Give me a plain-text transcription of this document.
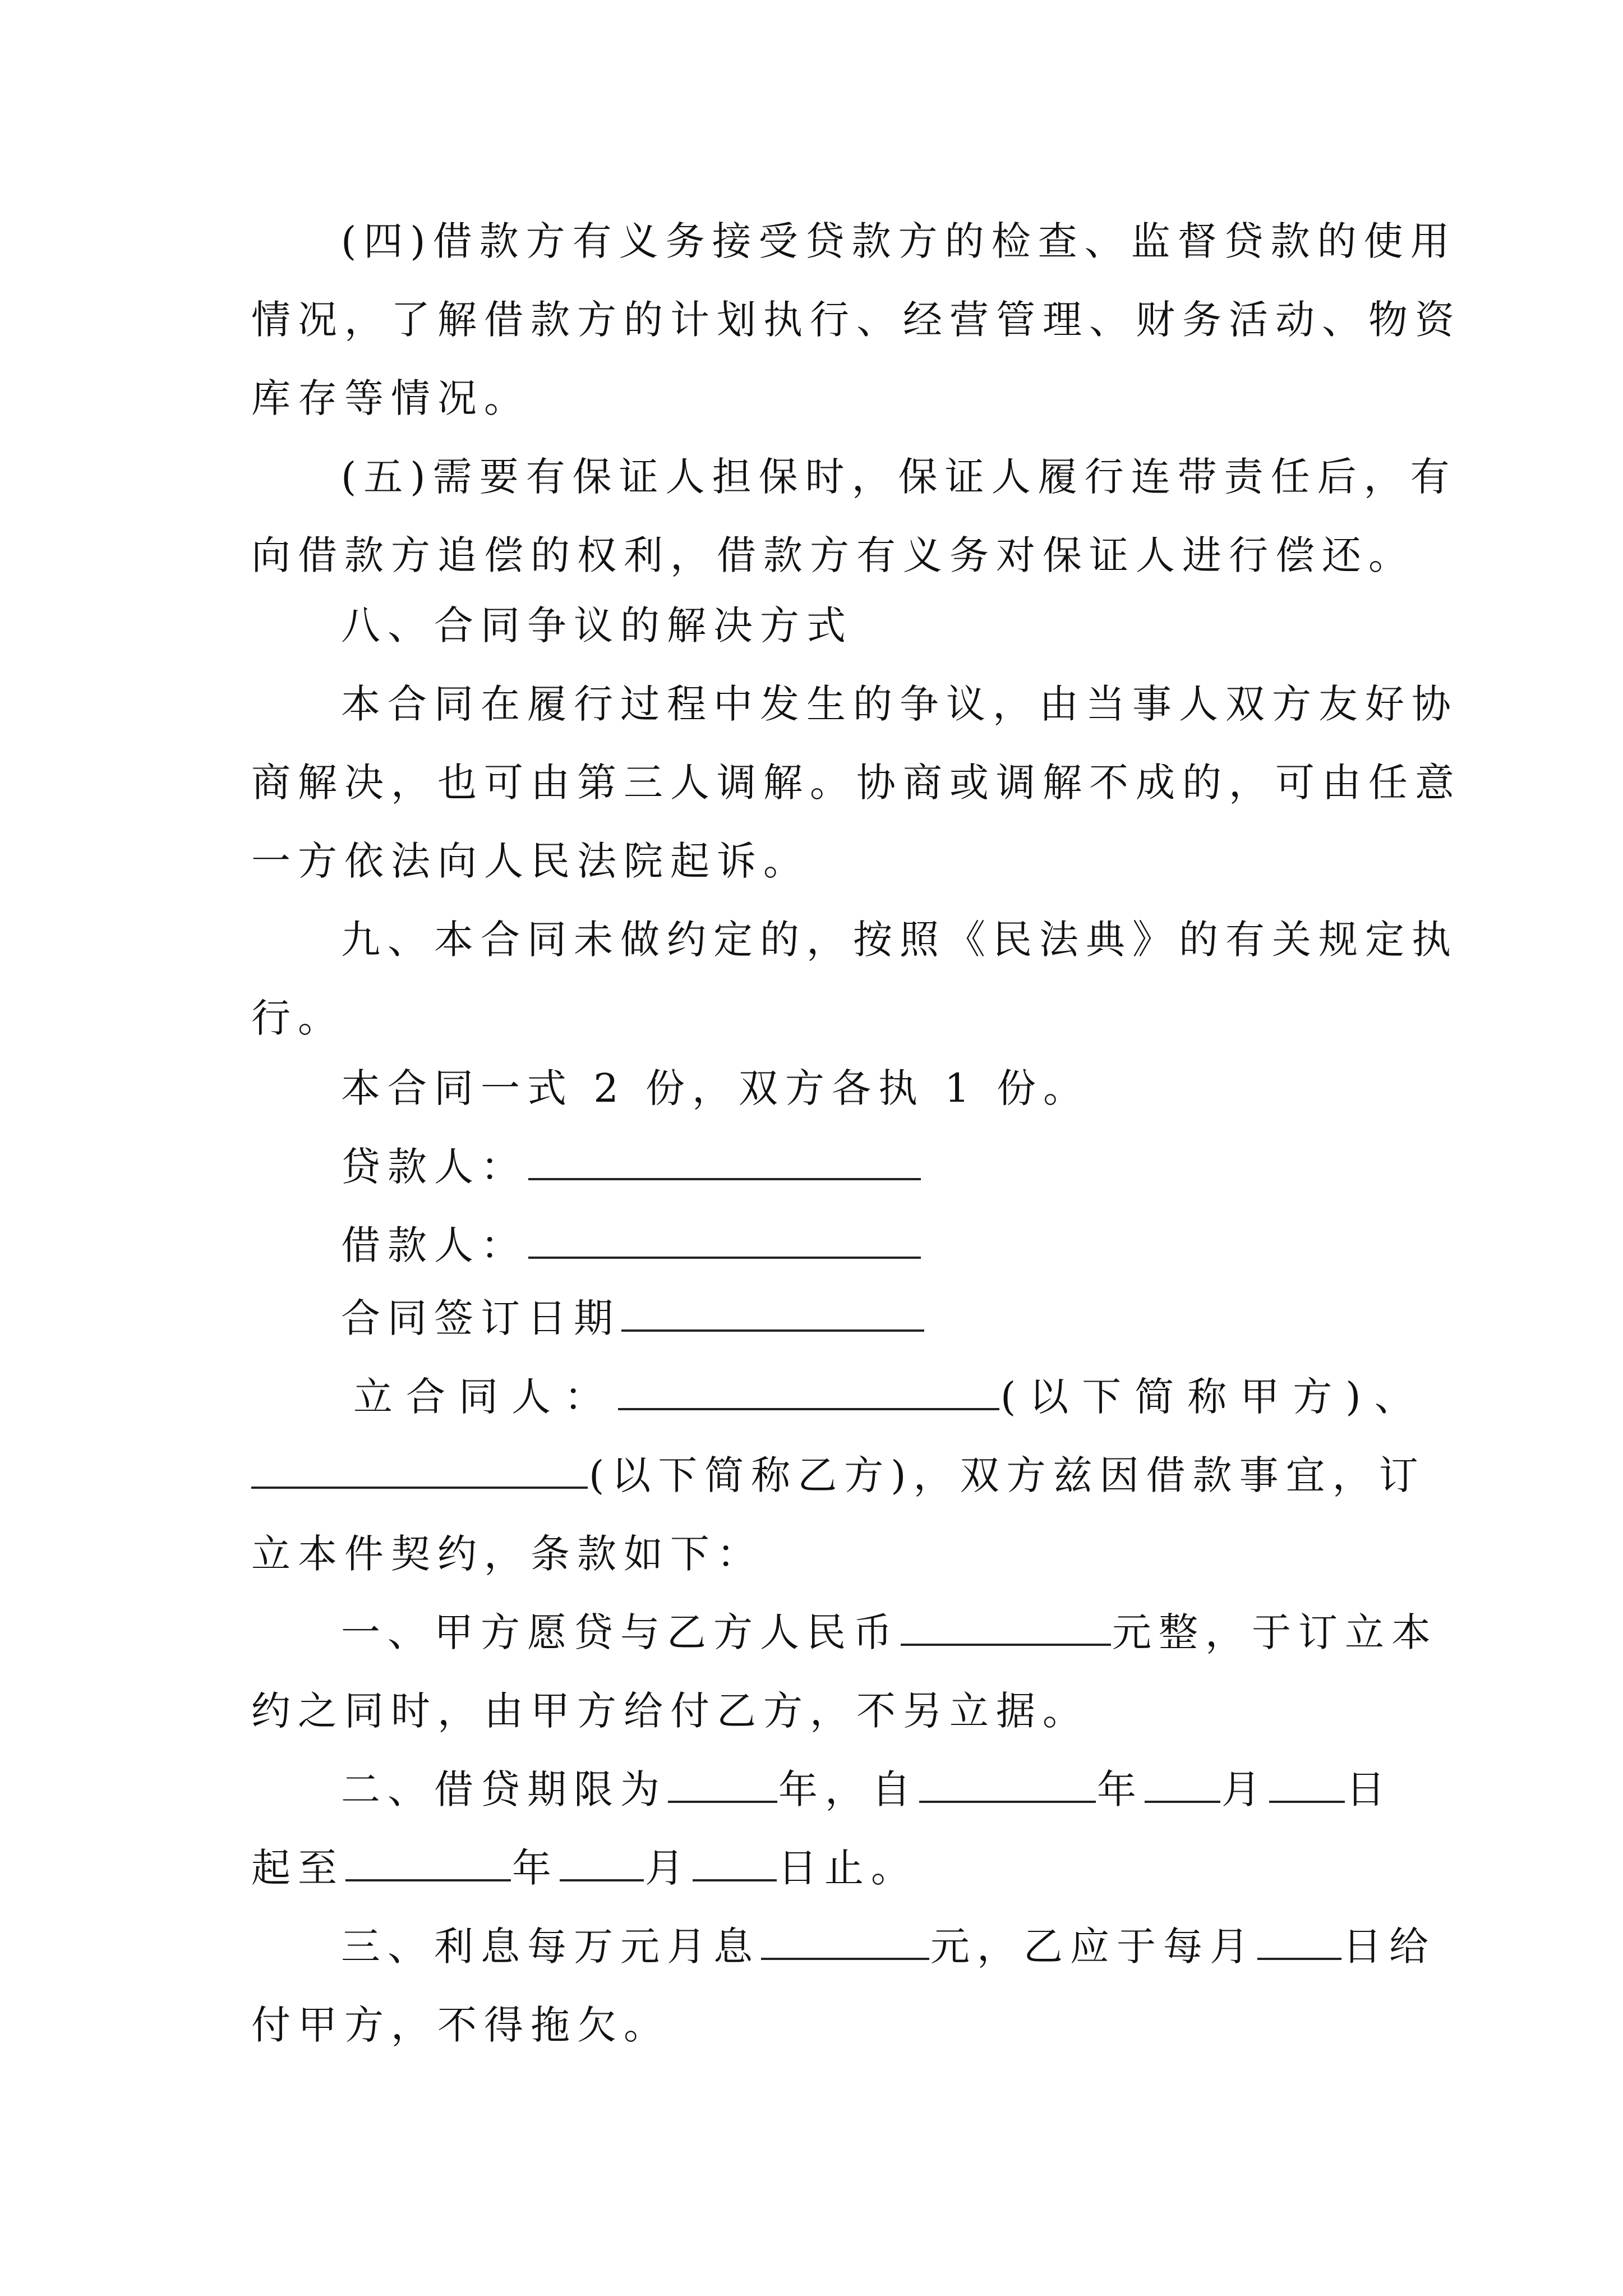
(四)借款方有义务接受贷款方的检查、监督贷款的使用
情况，了解借款方的计划执行、经营管理、财务活动、物资
库存等情况。
(五)需要有保证人担保时，保证人履行连带责任后，有
向借款方追偿的权利，借款方有义务对保证人进行偿还。
八、合同争议的解决方式
本合同在履行过程中发生的争议，由当事人双方友好协
商解决，也可由第三人调解。协商或调解不成的，可由任意
一方依法向人民法院起诉。
九、本合同未做约定的，按照《民法典》的有关规定执
行。
本合同一式 2 份，双方各执 1 份。
贷款人：
借款人：
合同签订日期
立合同人：	(以下简称甲方)、
(以下简称乙方)，双方兹因借款事宜，订
立本件契约，条款如下：
一、甲方愿贷与乙方人民币	元整，于订立本
约之同时，由甲方给付乙方，不另立据。
二、借贷期限为	年，自	年 月 日
起至	年 月 日止。
三、利息每万元月息	元，乙应于每月 日给
付甲方，不得拖欠。
